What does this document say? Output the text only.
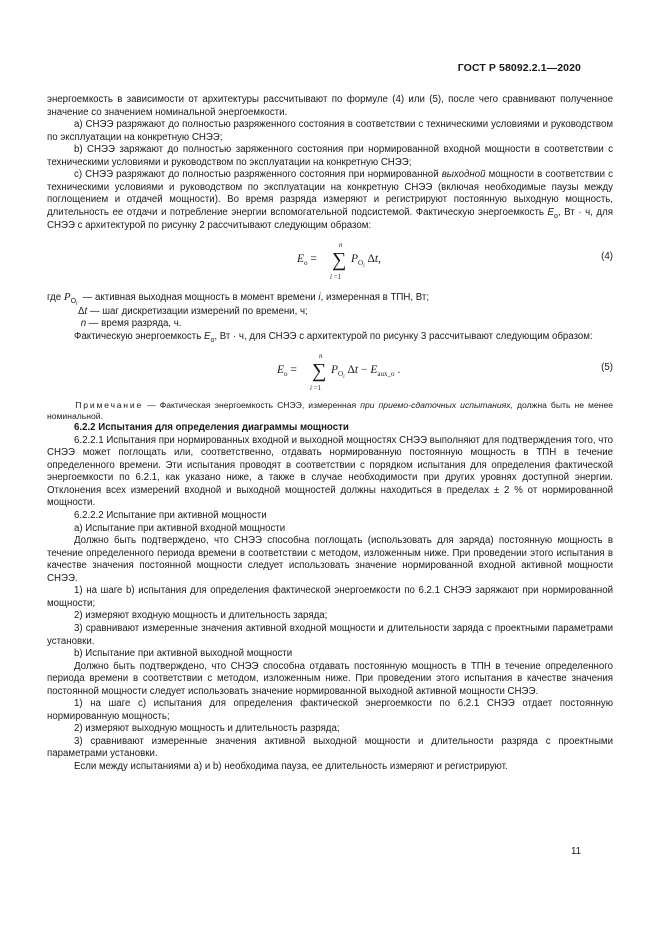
ГОСТ Р 58092.2.1—2020

энергоемкость в зависимости от архитектуры рассчитывают по формуле (4) или (5), после чего сравнивают полученное значение со значением номинальной энергоемкости.

a) СНЭЭ разряжают до полностью разряженного состояния в соответствии с техническими условиями и руководством по эксплуатации на конкретную СНЭЭ;

b) СНЭЭ заряжают до полностью заряженного состояния при нормированной входной мощности в соответствии с техническими условиями и руководством по эксплуатации на конкретную СНЭЭ;

c) СНЭЭ разряжают до полностью разряженного состояния при нормированной выходной мощности в соответствии с техническими условиями и руководством по эксплуатации на конкретную СНЭЭ (включая необходимые паузы между поглощением и отдачей мощности). Во время разряда измеряют и регистрируют постоянную выходную мощность, длительность ее отдачи и потребление энергии вспомогательной подсистемой. Фактическую энергоемкость $E_o$, Вт · ч, для СНЭЭ с архитектурой по рисунку 2 рассчитывают следующим образом:

$E_o$ =
n
∑
i =1
$P_{Oi}$ Δt,	(4)

где $P_{Oi}$  — активная выходная мощность в момент времени i, измеренная в ТПН, Вт;

Δt — шаг дискретизации измерений по времени, ч;

n — время разряда, ч.

Фактическую энергоемкость $E_o$, Вт · ч, для СНЭЭ с архитектурой по рисунку 3 рассчитывают следующим образом:

$E_o$ =
n
∑
i =1
$P_{Oi}$ $\Delta t - E_{aux\_o}$ .	(5)

Примечание — Фактическая энергоемкость СНЭЭ, измеренная при приемо-сдаточных испытаниях, должна быть не менее номинальной.

6.2.2 Испытания для определения диаграммы мощности

6.2.2.1 Испытания при нормированных входной и выходной мощностях СНЭЭ выполняют для подтверждения того, что СНЭЭ может поглощать или, соответственно, отдавать нормированную постоянную мощность в ТПН в течение определенного времени. Эти испытания проводят в соответствии с порядком испытания для определения фактической энергоемкости по 6.2.1, как указано ниже, а также в случае необходимости при других уровнях доступной энергии. Отклонения всех измерений входной и выходной мощностей должны находиться в пределах ± 2 % от нормированной мощности.

6.2.2.2 Испытание при активной мощности

a) Испытание при активной входной мощности

Должно быть подтверждено, что СНЭЭ способна поглощать (использовать для заряда) постоянную мощность в течение определенного периода времени в соответствии с методом, изложенным ниже. При проведении этого испытания в качестве значения постоянной мощности следует использовать значение нормированной входной активной мощности СНЭЭ.

1) на шаге b) испытания для определения фактической энергоемкости по 6.2.1 СНЭЭ заряжают при нормированной мощности;

2) измеряют входную мощность и длительность заряда;

3) сравнивают измеренные значения активной входной мощности и длительности заряда с проектными параметрами установки.

b) Испытание при активной выходной мощности

Должно быть подтверждено, что СНЭЭ способна отдавать постоянную мощность в ТПН в течение определенного периода времени в соответствии с методом, изложенным ниже. При проведении этого испытания в качестве значения постоянной мощности следует использовать значение нормированной выходной активной мощности СНЭЭ.

1) на шаге c) испытания для определения фактической энергоемкости по 6.2.1 СНЭЭ отдает постоянную нормированную мощность;

2) измеряют выходную мощность и длительность разряда;

3) сравнивают измеренные значения активной выходной мощности и длительности разряда с проектными параметрами установки.

Если между испытаниями a) и b) необходима пауза, ее длительность измеряют и регистрируют.

11
